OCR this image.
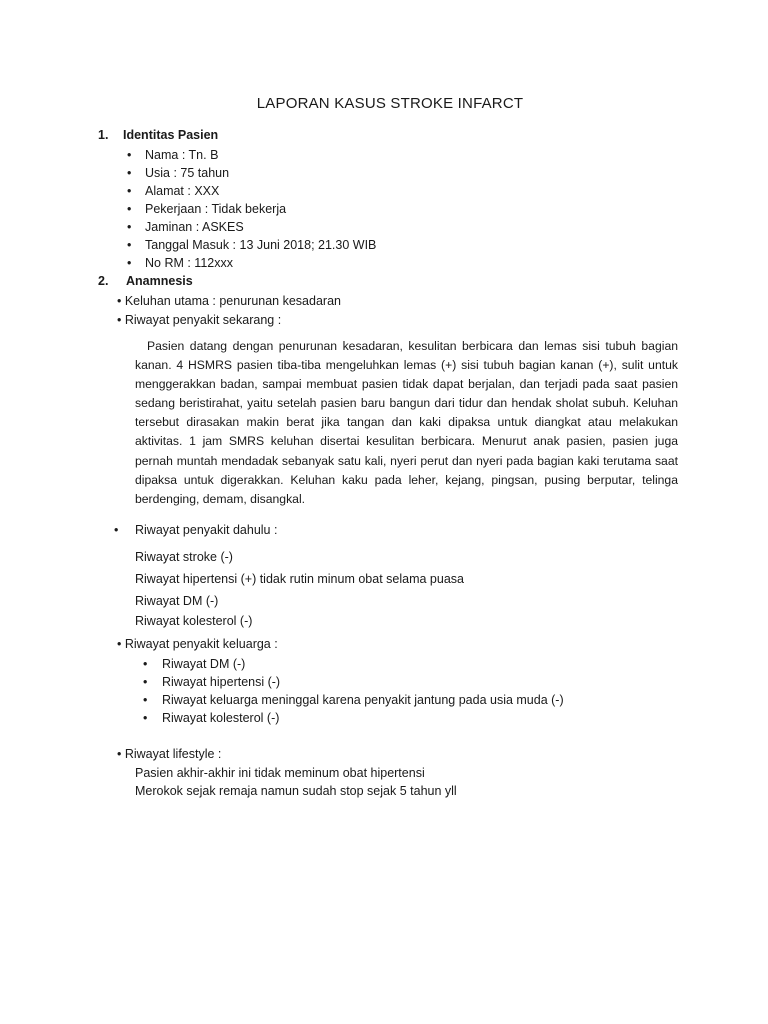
LAPORAN KASUS STROKE INFARCT
1. Identitas Pasien
• Nama : Tn. B
• Usia : 75 tahun
• Alamat : XXX
• Pekerjaan : Tidak bekerja
• Jaminan : ASKES
• Tanggal Masuk : 13 Juni 2018; 21.30 WIB
• No RM : 112xxx
2. Anamnesis
• Keluhan utama : penurunan kesadaran
• Riwayat penyakit sekarang :
Pasien datang dengan penurunan kesadaran, kesulitan berbicara dan lemas sisi tubuh bagian kanan. 4 HSMRS pasien tiba-tiba mengeluhkan lemas (+) sisi tubuh bagian kanan (+), sulit untuk menggerakkan badan, sampai membuat pasien tidak dapat berjalan, dan terjadi pada saat pasien sedang beristirahat, yaitu setelah pasien baru bangun dari tidur dan hendak sholat subuh. Keluhan tersebut dirasakan makin berat jika tangan dan kaki dipaksa untuk diangkat atau melakukan aktivitas. 1 jam SMRS keluhan disertai kesulitan berbicara. Menurut anak pasien, pasien juga pernah muntah mendadak sebanyak satu kali, nyeri perut dan nyeri pada bagian kaki terutama saat dipaksa untuk digerakkan. Keluhan kaku pada leher, kejang, pingsan, pusing berputar, telinga berdenging, demam, disangkal.
• Riwayat penyakit dahulu :
Riwayat stroke (-)
Riwayat hipertensi (+) tidak rutin minum obat selama puasa
Riwayat DM (-)
Riwayat kolesterol (-)
• Riwayat penyakit keluarga :
• Riwayat DM (-)
• Riwayat hipertensi (-)
• Riwayat keluarga meninggal karena penyakit jantung pada usia muda (-)
• Riwayat kolesterol (-)
• Riwayat lifestyle :
Pasien akhir-akhir ini tidak meminum obat hipertensi
Merokok sejak remaja namun sudah stop sejak 5 tahun yll
